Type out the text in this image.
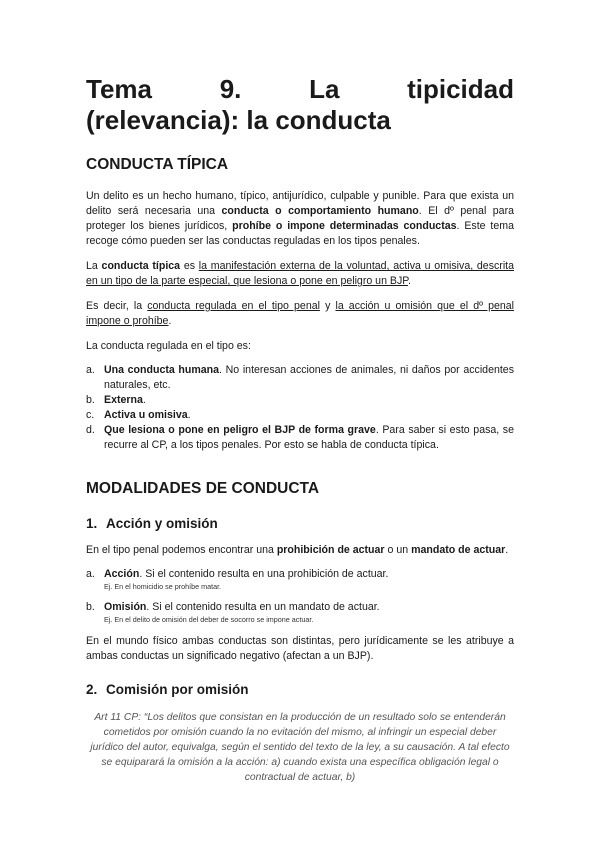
Tema	9.	La	tipicidad
(relevancia): la conducta
CONDUCTA TÍPICA

Un delito es un hecho humano, típico, antijurídico, culpable y punible. Para que exista un delito será necesaria una conducta o comportamiento humano. El dº penal para proteger los bienes jurídicos, prohíbe o impone determinadas conductas. Este tema recoge cómo pueden ser las conductas reguladas en los tipos penales.

La conducta típica es la manifestación externa de la voluntad, activa u omisiva, descrita en un tipo de la parte especial, que lesiona o pone en peligro un BJP.

Es decir, la conducta regulada en el tipo penal y la acción u omisión que el dº penal impone o prohíbe.

La conducta regulada en el tipo es:

a. Una conducta humana. No interesan acciones de animales, ni daños por accidentes naturales, etc.
b. Externa.
c. Activa u omisiva.
d. Que lesiona o pone en peligro el BJP de forma grave. Para saber si esto pasa, se recurre al CP, a los tipos penales. Por esto se habla de conducta típica.
MODALIDADES DE CONDUCTA
1. Acción y omisión

En el tipo penal podemos encontrar una prohibición de actuar o un mandato de actuar.

a. Acción. Si el contenido resulta en una prohibición de actuar.
Ej. En el homicidio se prohíbe matar.
b. Omisión. Si el contenido resulta en un mandato de actuar.
Ej. En el delito de omisión del deber de socorro se impone actuar.

En el mundo físico ambas conductas son distintas, pero jurídicamente se les atribuye a ambas conductas un significado negativo (afectan a un BJP).

2. Comisión por omisión

Art 11 CP: “Los delitos que consistan en la producción de un resultado solo se entenderán cometidos por omisión cuando la no evitación del mismo, al infringir un especial deber jurídico del autor, equivalga, según el sentido del texto de la ley, a su causación. A tal efecto se equiparará la omisión a la acción: a) cuando exista una específica obligación legal o contractual de actuar, b)
